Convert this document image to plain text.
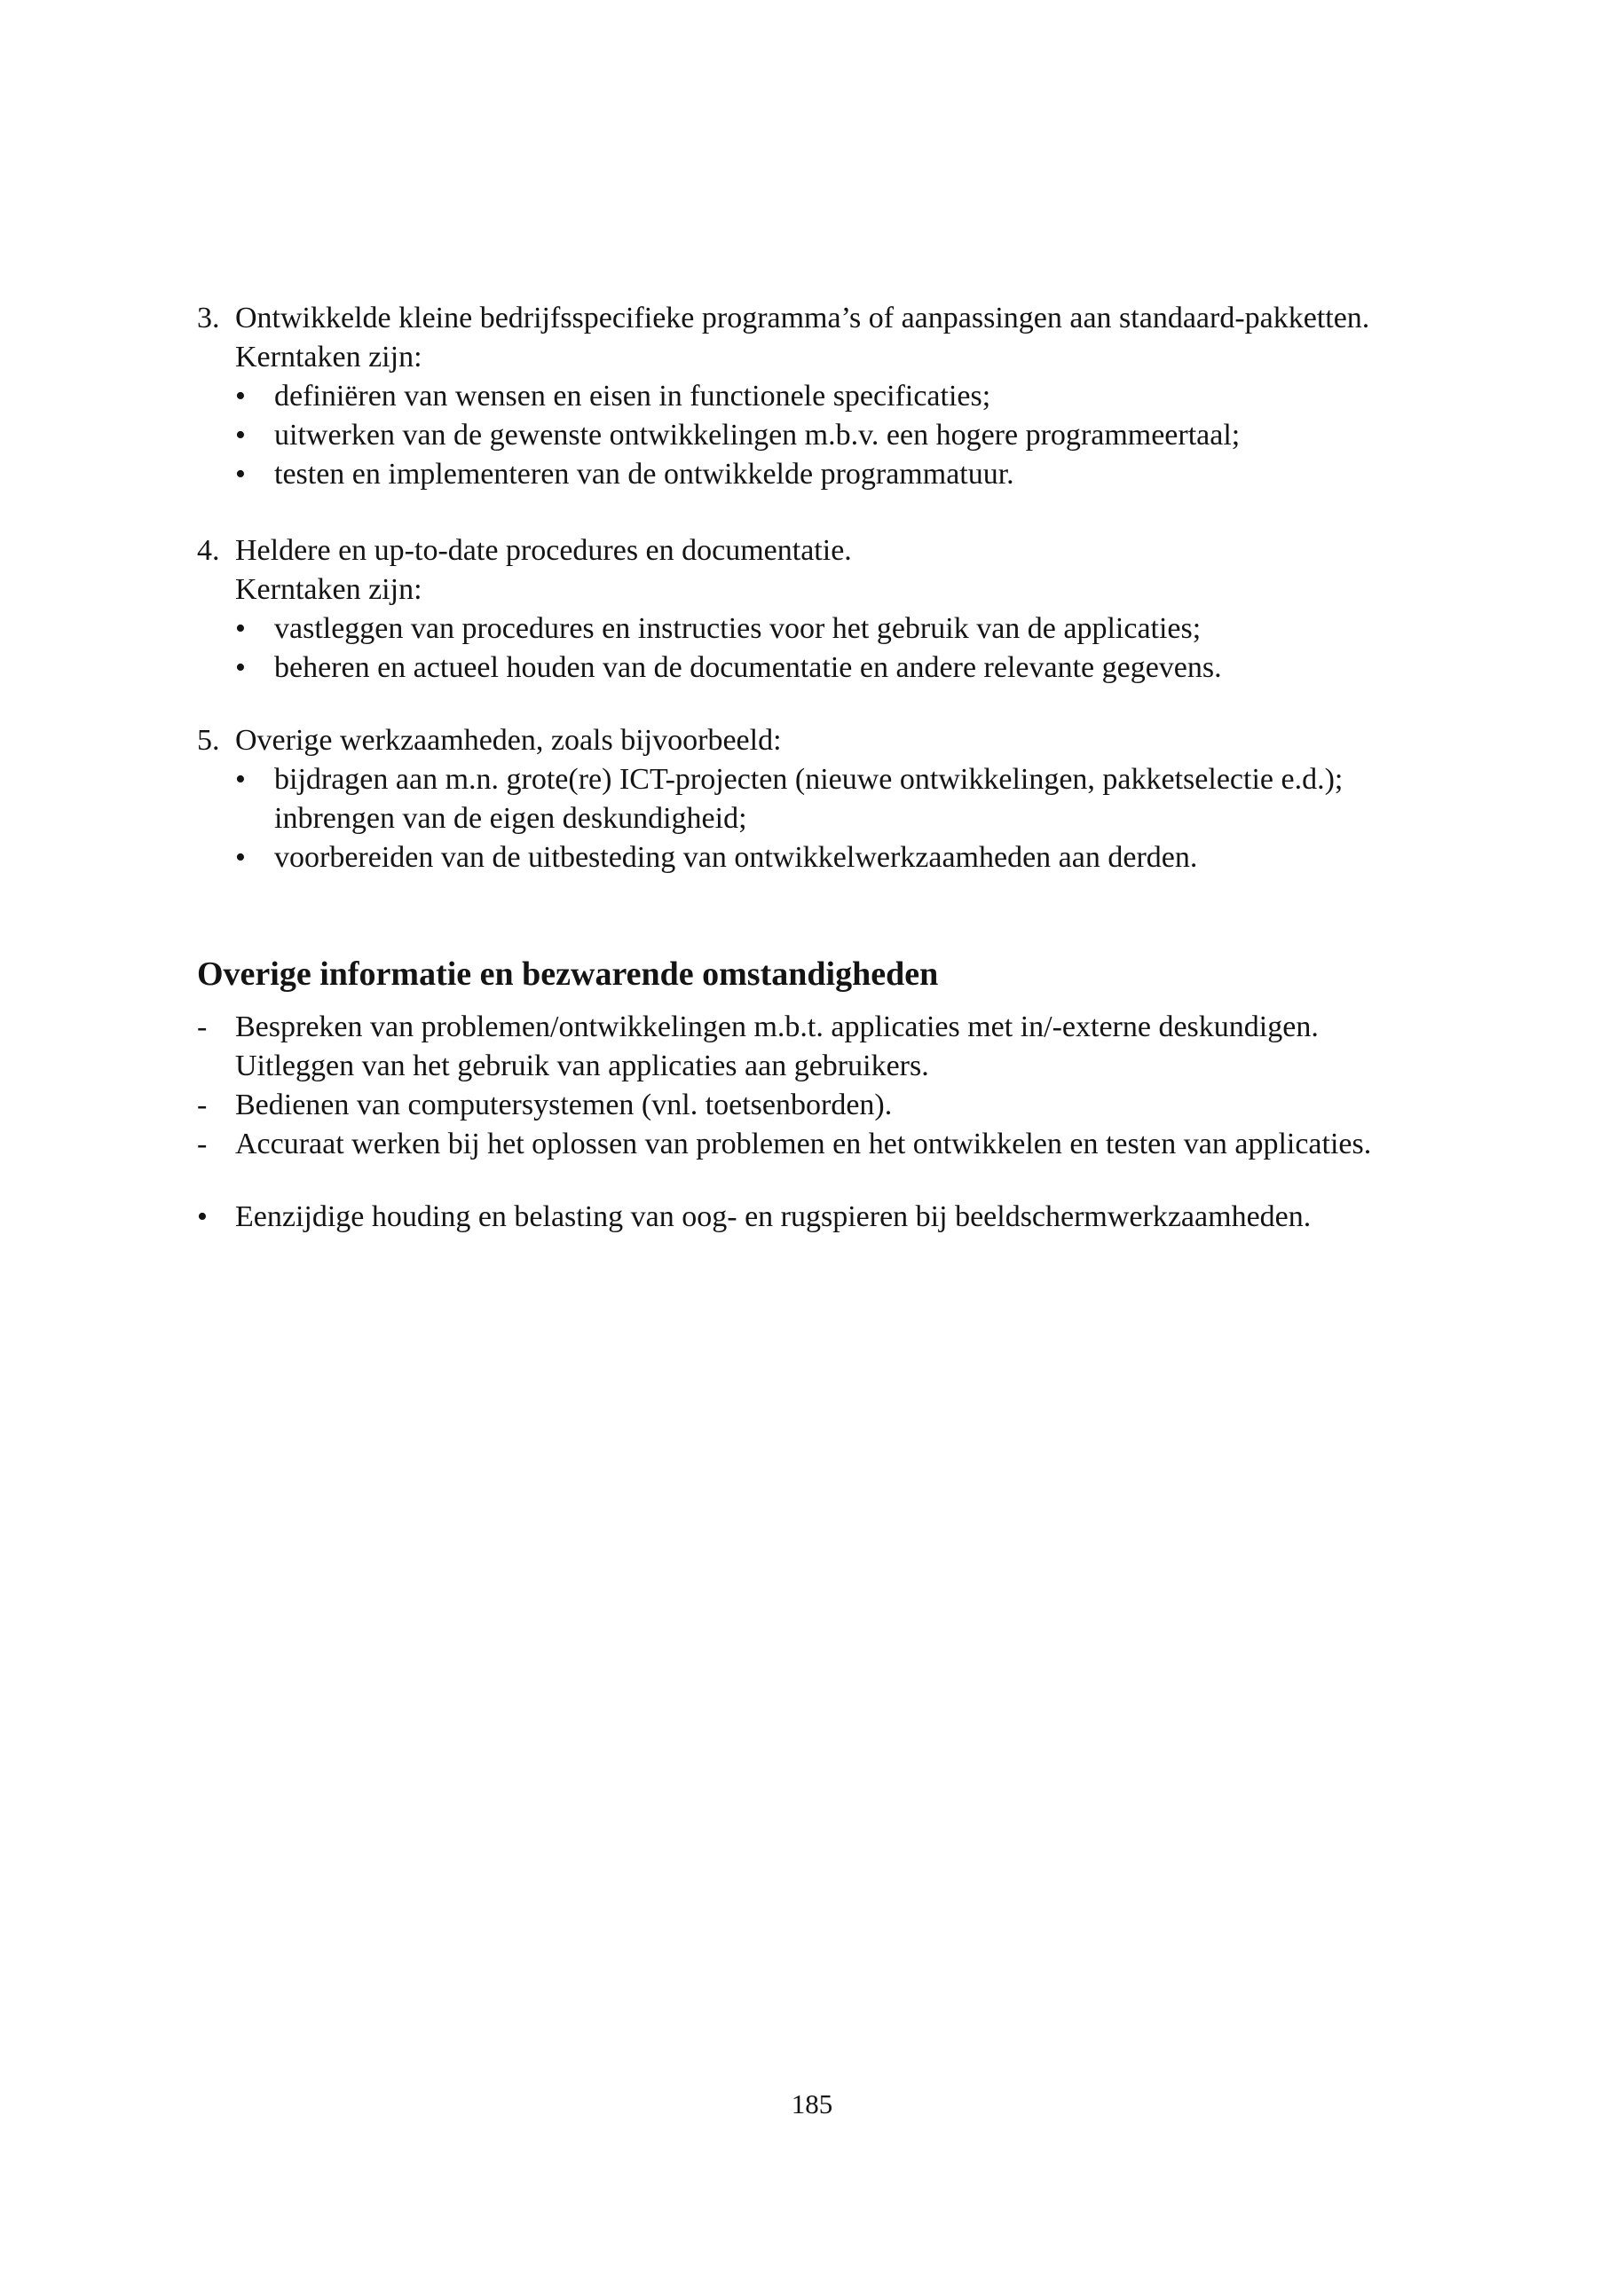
3. Ontwikkelde kleine bedrijfsspecifieke programma’s of aanpassingen aan standaard-pakketten.
Kerntaken zijn:
• definiëren van wensen en eisen in functionele specificaties;
• uitwerken van de gewenste ontwikkelingen m.b.v. een hogere programmeertaal;
• testen en implementeren van de ontwikkelde programmatuur.
4. Heldere en up-to-date procedures en documentatie.
Kerntaken zijn:
• vastleggen van procedures en instructies voor het gebruik van de applicaties;
• beheren en actueel houden van de documentatie en andere relevante gegevens.
5. Overige werkzaamheden, zoals bijvoorbeeld:
• bijdragen aan m.n. grote(re) ICT-projecten (nieuwe ontwikkelingen, pakketselectie e.d.);
inbrengen van de eigen deskundigheid;
• voorbereiden van de uitbesteding van ontwikkelwerkzaamheden aan derden.
Overige informatie en bezwarende omstandigheden
- Bespreken van problemen/ontwikkelingen m.b.t. applicaties met in/-externe deskundigen.
Uitleggen van het gebruik van applicaties aan gebruikers.
- Bedienen van computersystemen (vnl. toetsenborden).
- Accuraat werken bij het oplossen van problemen en het ontwikkelen en testen van applicaties.
• Eenzijdige houding en belasting van oog- en rugspieren bij beeldschermwerkzaamheden.
185
